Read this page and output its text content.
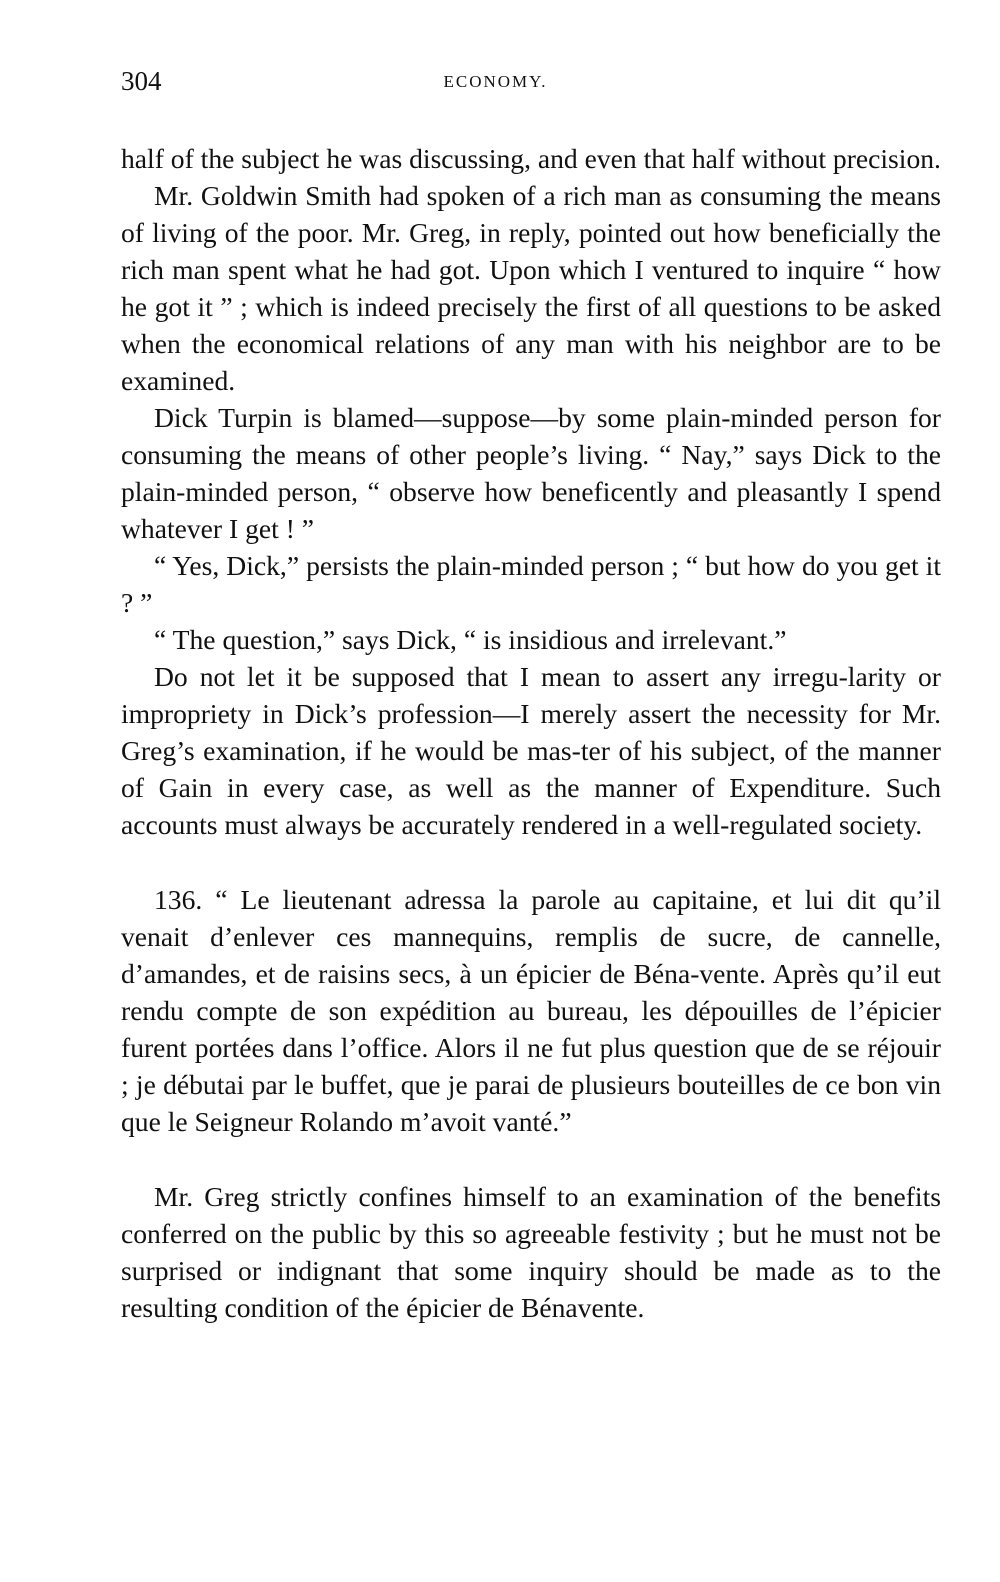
304	ECONOMY.

half of the subject he was discussing, and even that half without precision.

Mr. Goldwin Smith had spoken of a rich man as consuming the means of living of the poor. Mr. Greg, in reply, pointed out how beneficially the rich man spent what he had got. Upon which I ventured to inquire “ how he got it ” ; which is indeed precisely the first of all questions to be asked when the economical relations of any man with his neighbor are to be examined.

Dick Turpin is blamed—suppose—by some plain-minded person for consuming the means of other people’s living. “ Nay,” says Dick to the plain-minded person, “ observe how beneficently and pleasantly I spend whatever I get ! ”

“ Yes, Dick,” persists the plain-minded person ; “ but how do you get it ? ”

“ The question,” says Dick, “ is insidious and irrelevant.”

Do not let it be supposed that I mean to assert any irregu-larity or impropriety in Dick’s profession—I merely assert the necessity for Mr. Greg’s examination, if he would be mas-ter of his subject, of the manner of Gain in every case, as well as the manner of Expenditure. Such accounts must always be accurately rendered in a well-regulated society.

136. “ Le lieutenant adressa la parole au capitaine, et lui dit qu’il venait d’enlever ces mannequins, remplis de sucre, de cannelle, d’amandes, et de raisins secs, à un épicier de Béna-vente. Après qu’il eut rendu compte de son expédition au bureau, les dépouilles de l’épicier furent portées dans l’office. Alors il ne fut plus question que de se réjouir ; je débutai par le buffet, que je parai de plusieurs bouteilles de ce bon vin que le Seigneur Rolando m’avoit vanté.”

Mr. Greg strictly confines himself to an examination of the benefits conferred on the public by this so agreeable festivity ; but he must not be surprised or indignant that some inquiry should be made as to the resulting condition of the épicier de Bénavente.
